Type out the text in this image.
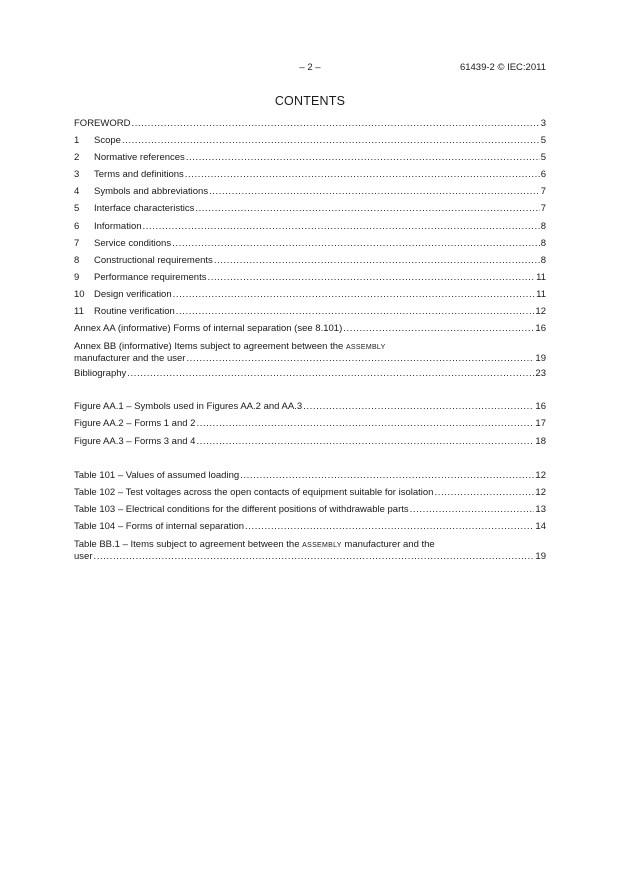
– 2 –	61439-2 © IEC:2011
CONTENTS
FOREWORD .....	3
1	Scope .....	5
2	Normative references .....	5
3	Terms and definitions .....	6
4	Symbols and abbreviations .....	7
5	Interface characteristics .....	7
6	Information .....	8
7	Service conditions .....	8
8	Constructional requirements .....	8
9	Performance requirements .....	11
10 Design verification .....	11
11	Routine verification .....	12
Annex AA (informative) Forms of internal separation (see 8.101) .....	16
Annex BB (informative) Items subject to agreement between the ASSEMBLY
manufacturer and the user .....	19
Bibliography .....	23
Figure AA.1 – Symbols used in Figures AA.2 and AA.3 .....	16
Figure AA.2 – Forms 1 and 2 .....	17
Figure AA.3 – Forms 3 and 4 .....	18
Table 101 – Values of assumed loading .....	12
Table 102 – Test voltages across the open contacts of equipment suitable for isolation .....	12
Table 103 – Electrical conditions for the different positions of withdrawable parts .....	13
Table 104 – Forms of internal separation .....	14
Table BB.1 – Items subject to agreement between the ASSEMBLY manufacturer and the
user .....	19
